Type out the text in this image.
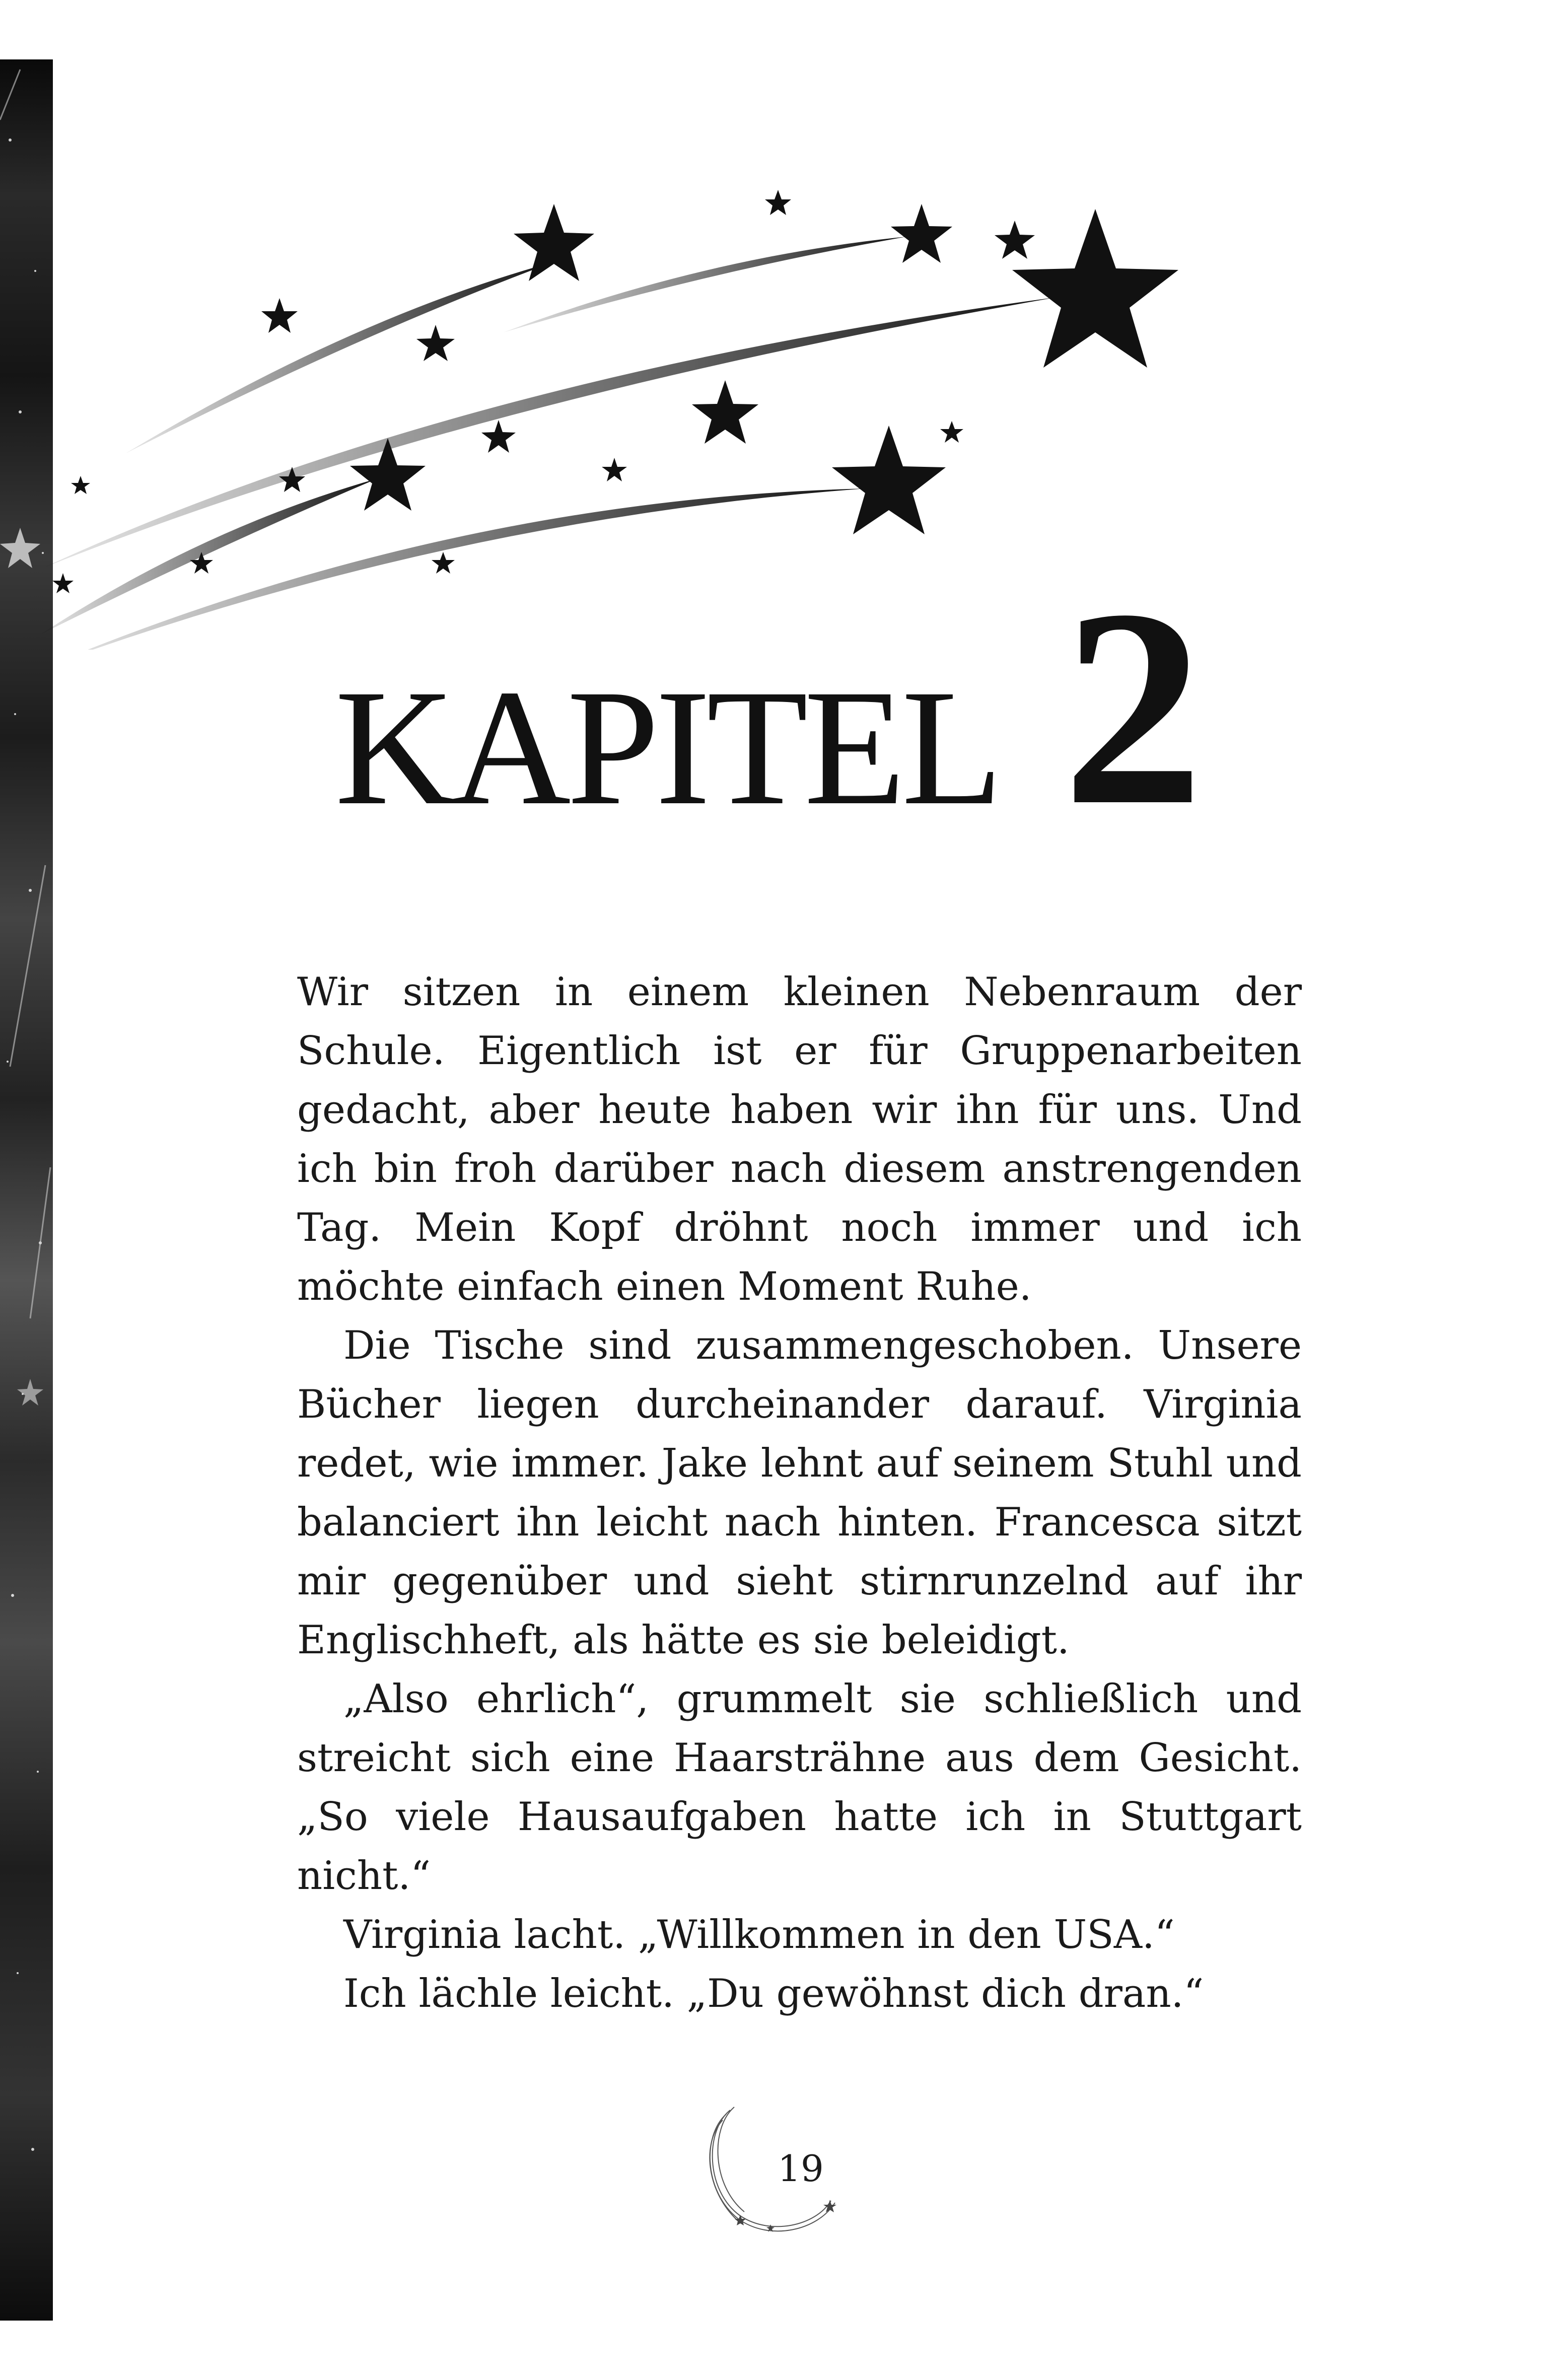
KAPITEL 2

Wir sitzen in einem kleinen Nebenraum der Schule. Eigentlich ist er für Gruppenarbeiten gedacht, aber heute haben wir ihn für uns. Und ich bin froh darüber nach diesem anstrengenden Tag. Mein Kopf dröhnt noch immer und ich möchte einfach einen Moment Ruhe.

Die Tische sind zusammengeschoben. Unsere Bücher liegen durcheinander darauf. Virginia redet, wie immer. Jake lehnt auf seinem Stuhl und balanciert ihn leicht nach hinten. Francesca sitzt mir gegenüber und sieht stirnrunzelnd auf ihr Englischheft, als hätte es sie beleidigt.

„Also ehrlich“, grummelt sie schließlich und streicht sich eine Haarsträhne aus dem Gesicht. „So viele Hausaufgaben hatte ich in Stuttgart nicht.“

Virginia lacht. „Willkommen in den USA.“

Ich lächle leicht. „Du gewöhnst dich dran.“

19
